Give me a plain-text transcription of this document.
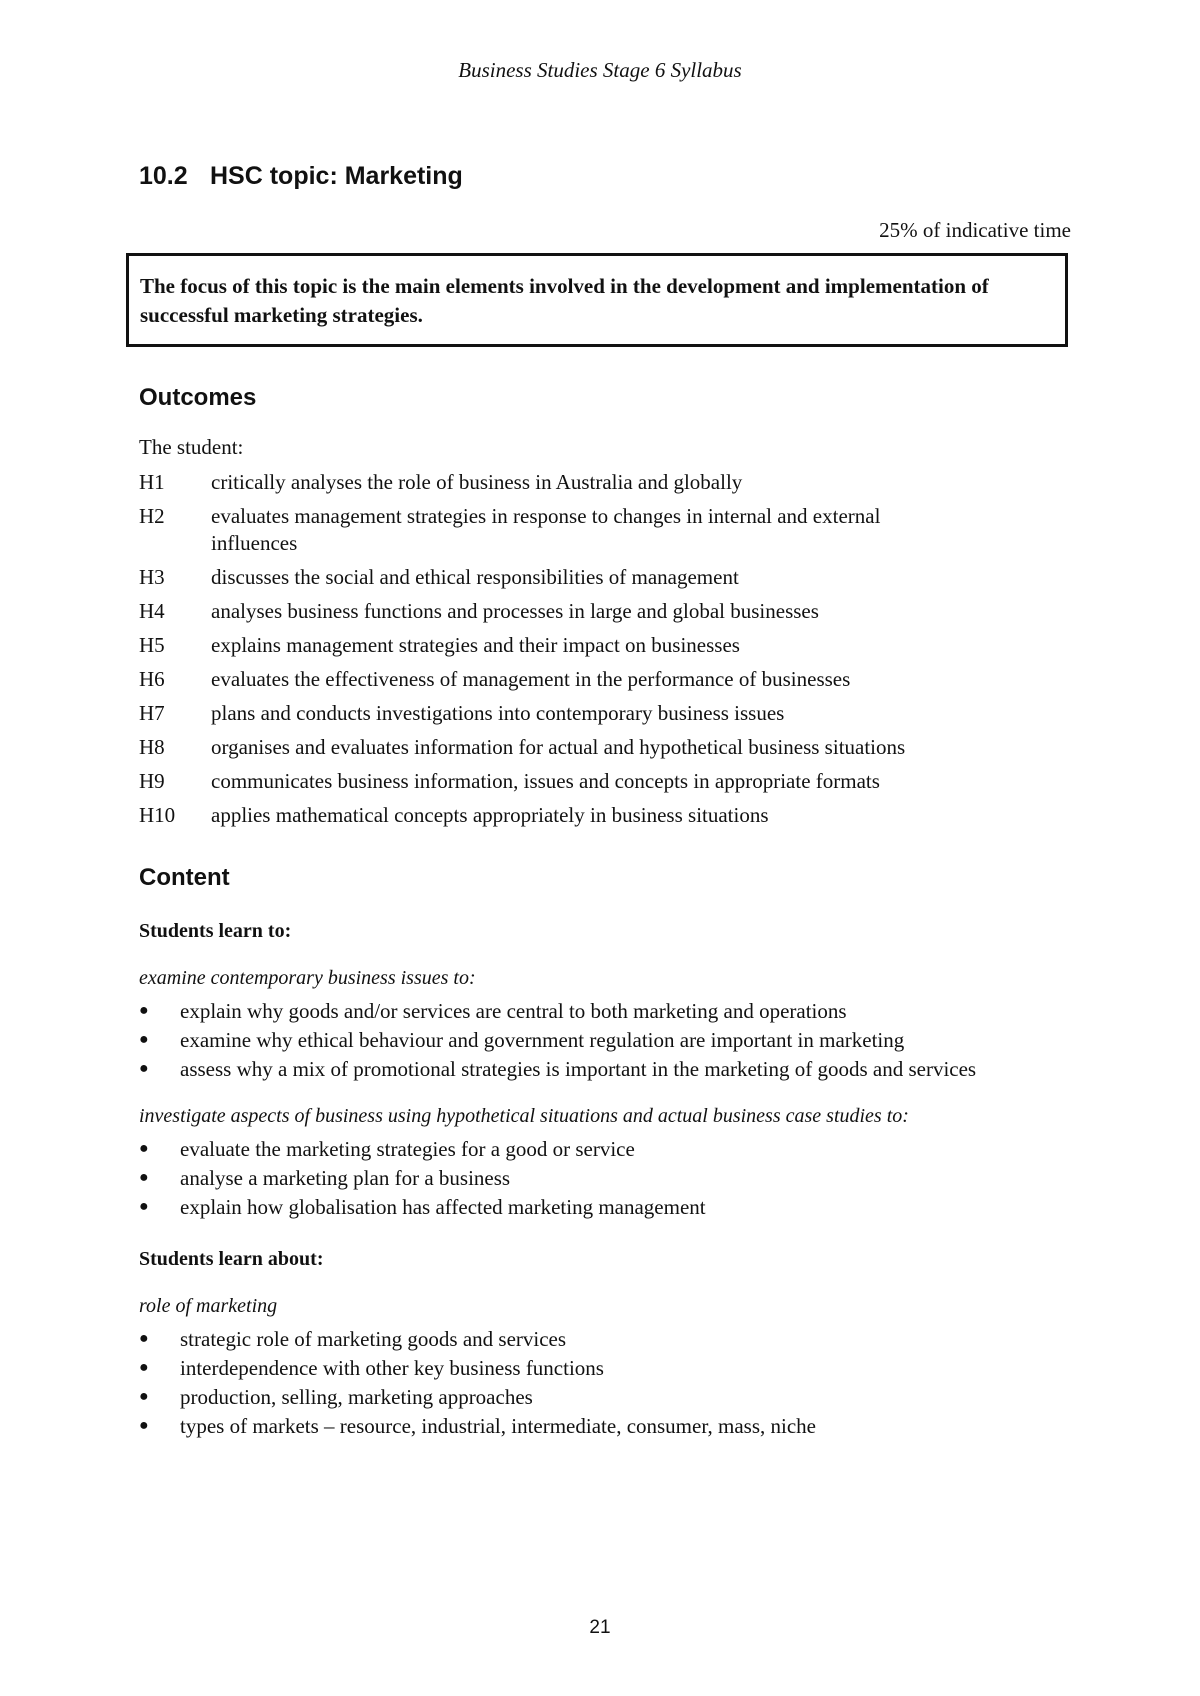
Business Studies Stage 6 Syllabus
10.2 HSC topic: Marketing
25% of indicative time
The focus of this topic is the main elements involved in the development and implementation of successful marketing strategies.
Outcomes
The student:
H1	critically analyses the role of business in Australia and globally
H2	evaluates management strategies in response to changes in internal and external influences
H3	discusses the social and ethical responsibilities of management
H4	analyses business functions and processes in large and global businesses
H5	explains management strategies and their impact on businesses
H6	evaluates the effectiveness of management in the performance of businesses
H7	plans and conducts investigations into contemporary business issues
H8	organises and evaluates information for actual and hypothetical business situations
H9	communicates business information, issues and concepts in appropriate formats
H10	applies mathematical concepts appropriately in business situations
Content
Students learn to:
examine contemporary business issues to:
●	explain why goods and/or services are central to both marketing and operations
●	examine why ethical behaviour and government regulation are important in marketing
●	assess why a mix of promotional strategies is important in the marketing of goods and services
investigate aspects of business using hypothetical situations and actual business case studies to:
●	evaluate the marketing strategies for a good or service
●	analyse a marketing plan for a business
●	explain how globalisation has affected marketing management
Students learn about:
role of marketing
●	strategic role of marketing goods and services
●	interdependence with other key business functions
●	production, selling, marketing approaches
●	types of markets – resource, industrial, intermediate, consumer, mass, niche
21
